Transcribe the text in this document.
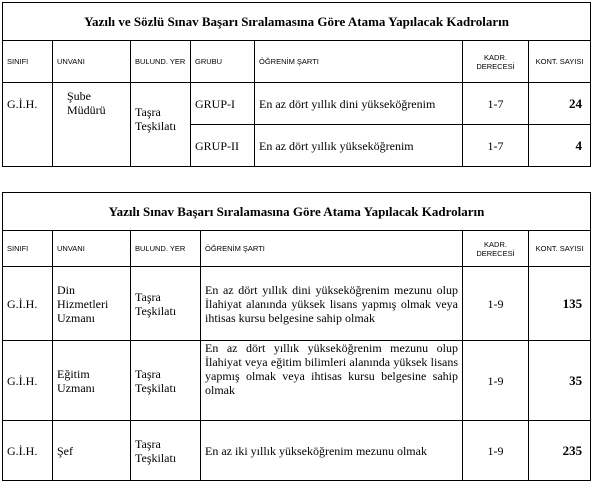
Yazılı ve Sözlü Sınav Başarı Sıralamasına Göre Atama Yapılacak Kadroların						
SINIFI	UNVANI	BULUND. YER	GRUBU	ÖĞRENİM ŞARTI	KADR. DERECESİ	KONT. SAYISI
G.İ.H.	Şube Müdürü	Taşra Teşkilatı	GRUP-I	En az dört yıllık dini yükseköğrenim	1-7	24
			GRUP-II	En az dört yıllık yükseköğrenim	1-7	4
Yazılı Sınav Başarı Sıralamasına Göre Atama Yapılacak Kadroların					
SINIFI	UNVANI	BULUND. YER	ÖĞRENİM ŞARTI	KADR. DERECESİ	KONT. SAYISI
G.İ.H.	Din Hizmetleri Uzmanı	Taşra Teşkilatı	En az dört yıllık dini yükseköğrenim mezunu olup İlahiyat alanında yüksek lisans yapmış olmak veya ihtisas kursu belgesine sahip olmak	1-9	135
G.İ.H.	Eğitim Uzmanı	Taşra Teşkilatı	En az dört yıllık yükseköğrenim mezunu olup İlahiyat veya eğitim bilimleri alanında yüksek lisans yapmış olmak veya ihtisas kursu belgesine sahip olmak	1-9	35
G.İ.H.	Şef	Taşra Teşkilatı	En az iki yıllık yükseköğrenim mezunu olmak	1-9	235
